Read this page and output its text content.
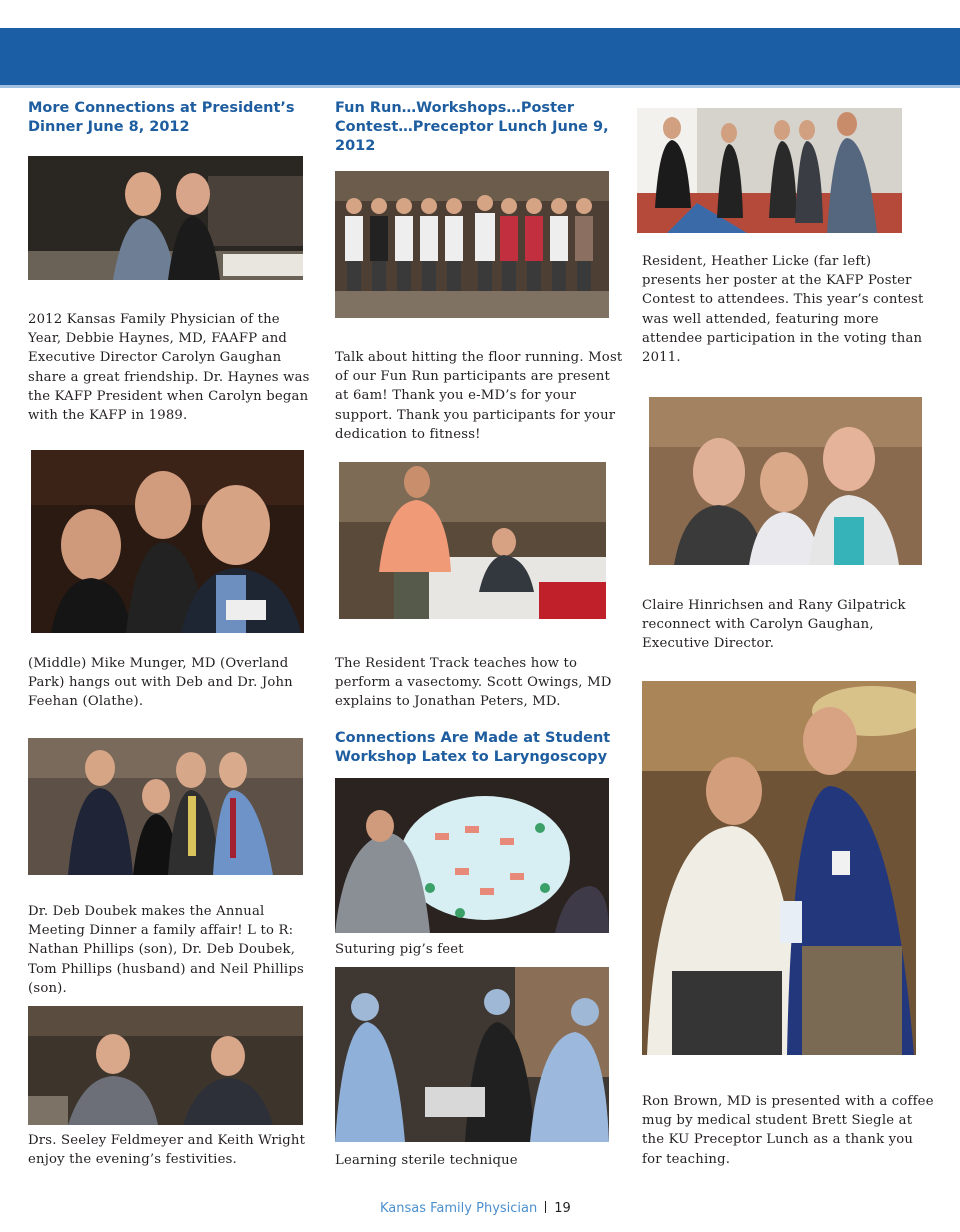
More Connections at President’s Dinner June 8, 2012

2012 Kansas Family Physician of the Year, Debbie Haynes, MD, FAAFP and Executive Director Carolyn Gaughan share a great friendship. Dr. Haynes was the KAFP President when Carolyn began with the KAFP in 1989.

(Middle) Mike Munger, MD (Overland Park) hangs out with Deb and Dr. John Feehan (Olathe).

Dr. Deb Doubek makes the Annual Meeting Dinner a family affair! L to R: Nathan Phillips (son), Dr. Deb Doubek, Tom Phillips (husband) and Neil Phillips (son).

Drs. Seeley Feldmeyer and Keith Wright enjoy the evening’s festivities.

Fun Run…Workshops…Poster Contest…Preceptor Lunch June 9, 2012

Talk about hitting the floor running. Most of our Fun Run participants are present at 6am! Thank you e-MD’s for your support. Thank you participants for your dedication to fitness!

The Resident Track teaches how to perform a vasectomy. Scott Owings, MD explains to Jonathan Peters, MD.

Connections Are Made at Student Workshop Latex to Laryngoscopy

Suturing pig’s feet

Learning sterile technique

Resident, Heather Licke (far left) presents her poster at the KAFP Poster Contest to attendees. This year’s contest was well attended, featuring more attendee participation in the voting than 2011.

Claire Hinrichsen and Rany Gilpatrick reconnect with Carolyn Gaughan, Executive Director.

Ron Brown, MD is presented with a coffee mug by medical student Brett Siegle at the KU Preceptor Lunch as a thank you for teaching.

Kansas Family Physician 19
